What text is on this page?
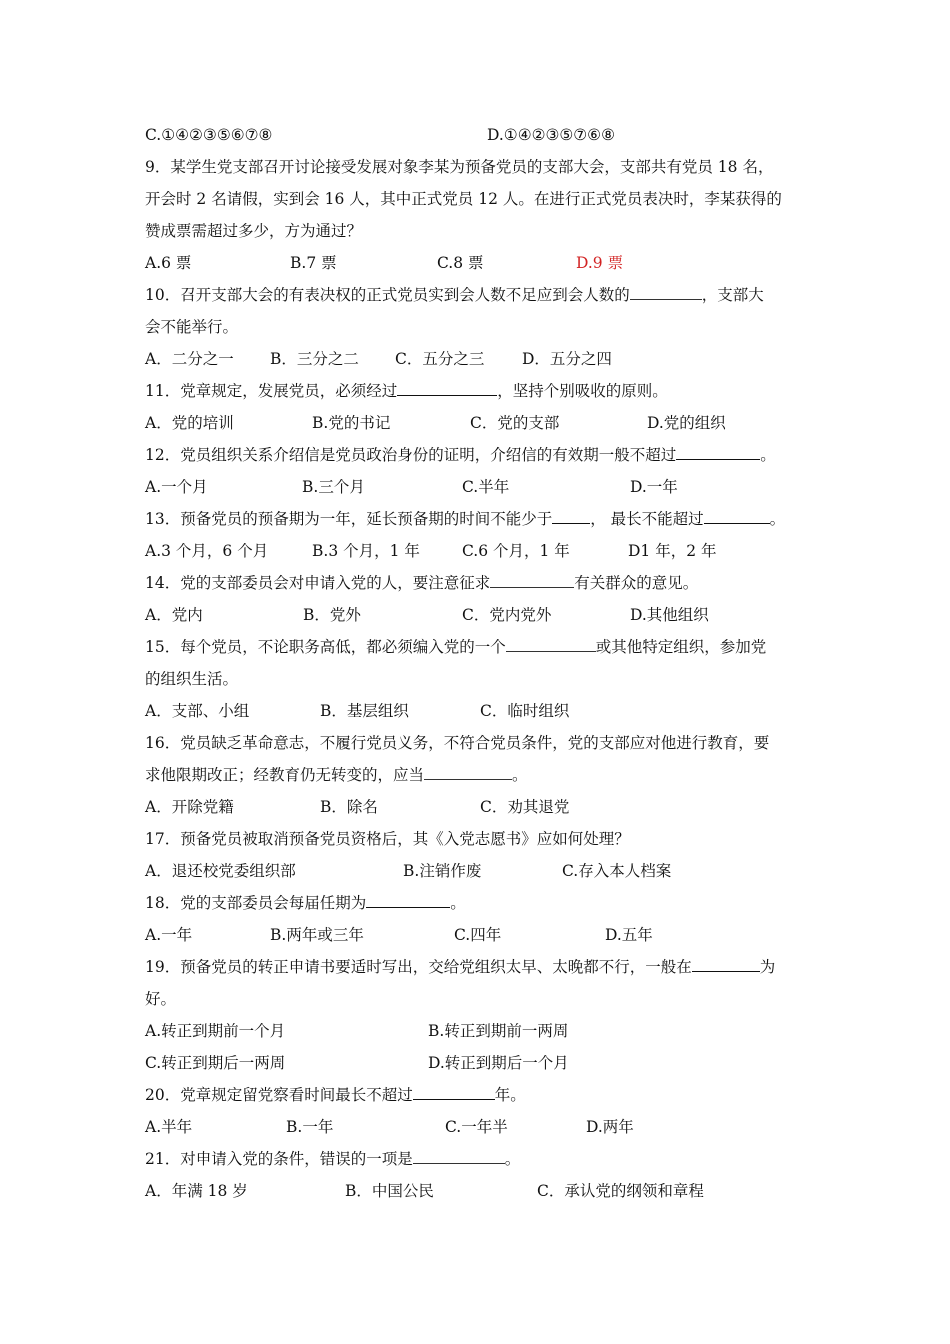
C.①④②③⑤⑥⑦⑧	D.①④②③⑤⑦⑥⑧
9．某学生党支部召开讨论接受发展对象李某为预备党员的支部大会，支部共有党员 18 名，
开会时 2 名请假，实到会 16 人，其中正式党员 12 人。在进行正式党员表决时，李某获得的
赞成票需超过多少，方为通过？
A.6 票	B.7 票	C.8 票	D.9 票
10．召开支部大会的有表决权的正式党员实到会人数不足应到会人数的	，支部大
会不能举行。
A．二分之一 B．三分之二 C．五分之三 D．五分之四
11．党章规定，发展党员，必须经过	，坚持个别吸收的原则。
A．党的培训	B.党的书记	C．党的支部	D.党的组织
12．党员组织关系介绍信是党员政治身份的证明，介绍信的有效期一般不超过	。
A.一个月	B.三个月	C.半年	D.一年
13．预备党员的预备期为一年，延长预备期的时间不能少于 ， 最长不能超过	。
A.3 个月，6 个月	B.3 个月，1 年	C.6 个月，1 年	D1 年，2 年
14．党的支部委员会对申请入党的人，要注意征求	有关群众的意见。
A．党内	B．党外	C．党内党外	D.其他组织
15．每个党员，不论职务高低，都必须编入党的一个	或其他特定组织，参加党
的组织生活。
A．支部、小组	B．基层组织	C．临时组织
16．党员缺乏革命意志，不履行党员义务，不符合党员条件，党的支部应对他进行教育，要
求他限期改正；经教育仍无转变的，应当	。
A．开除党籍	B．除名	C．劝其退党
17．预备党员被取消预备党员资格后，其《入党志愿书》应如何处理？
A．退还校党委组织部	B.注销作废	C.存入本人档案
18．党的支部委员会每届任期为	。
A.一年	B.两年或三年	C.四年	D.五年
19．预备党员的转正申请书要适时写出，交给党组织太早、太晚都不行，一般在	为
好。
A.转正到期前一个月	B.转正到期前一两周
C.转正到期后一两周	D.转正到期后一个月
20．党章规定留党察看时间最长不超过	年。
A.半年	B.一年	C.一年半	D.两年
21．对申请入党的条件，错误的一项是	。
A．年满 18 岁	B．中国公民	C．承认党的纲领和章程
